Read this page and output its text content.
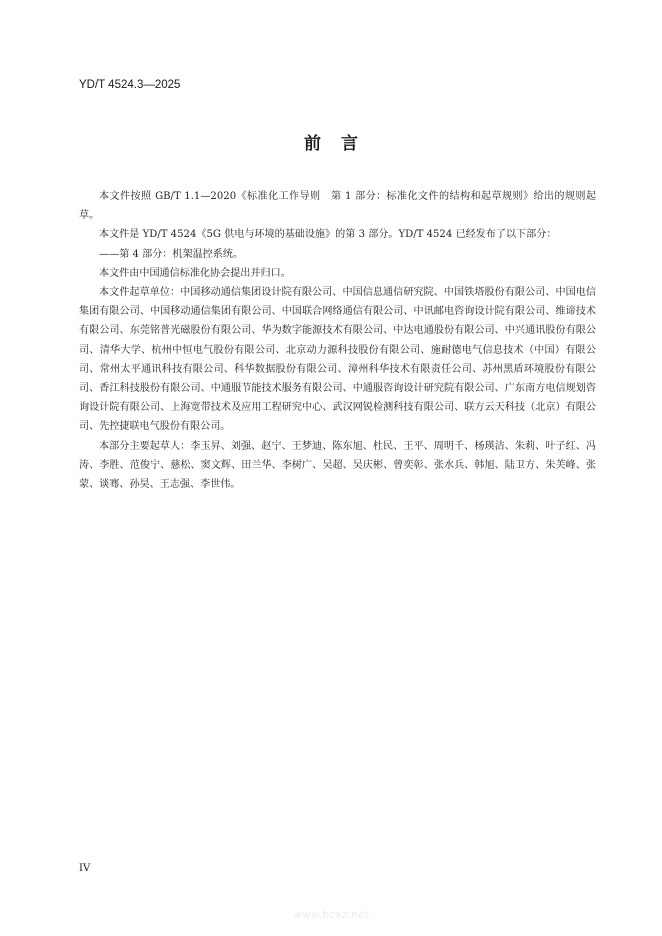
YD/T 4524.3—2025
前言

本文件按照 GB/T 1.1—2020《标准化工作导则　第 1 部分：标准化文件的结构和起草规则》给出的规则起草。

本文件是 YD/T 4524《5G 供电与环境的基础设施》的第 3 部分。YD/T 4524 已经发布了以下部分：

——第 4 部分：机架温控系统。

本文件由中国通信标准化协会提出并归口。

本文件起草单位：中国移动通信集团设计院有限公司、中国信息通信研究院、中国铁塔股份有限公司、中国电信集团有限公司、中国移动通信集团有限公司、中国联合网络通信有限公司、中讯邮电咨询设计院有限公司、维谛技术有限公司、东莞铭普光磁股份有限公司、华为数字能源技术有限公司、中达电通股份有限公司、中兴通讯股份有限公司、清华大学、杭州中恒电气股份有限公司、北京动力源科技股份有限公司、施耐德电气信息技术（中国）有限公司、常州太平通讯科技有限公司、科华数据股份有限公司、漳州科华技术有限责任公司、苏州黑盾环境股份有限公司、香江科技股份有限公司、中通服节能技术服务有限公司、中通服咨询设计研究院有限公司、广东南方电信规划咨询设计院有限公司、上海宽带技术及应用工程研究中心、武汉网锐检测科技有限公司、联方云天科技（北京）有限公司、先控捷联电气股份有限公司。

本部分主要起草人：李玉昇、刘强、赵宁、王梦迪、陈东旭、杜民、王平、周明千、杨瑛洁、朱莉、叶子红、冯涛、李胜、范俊宁、慈松、窦文辉、田兰华、李树广、吴超、吴庆彬、曾奕彰、张水兵、韩旭、陆卫方、朱芙峰、张蒙、谈骞、孙昊、王志强、李世伟。

IV
www.bzxz.net
